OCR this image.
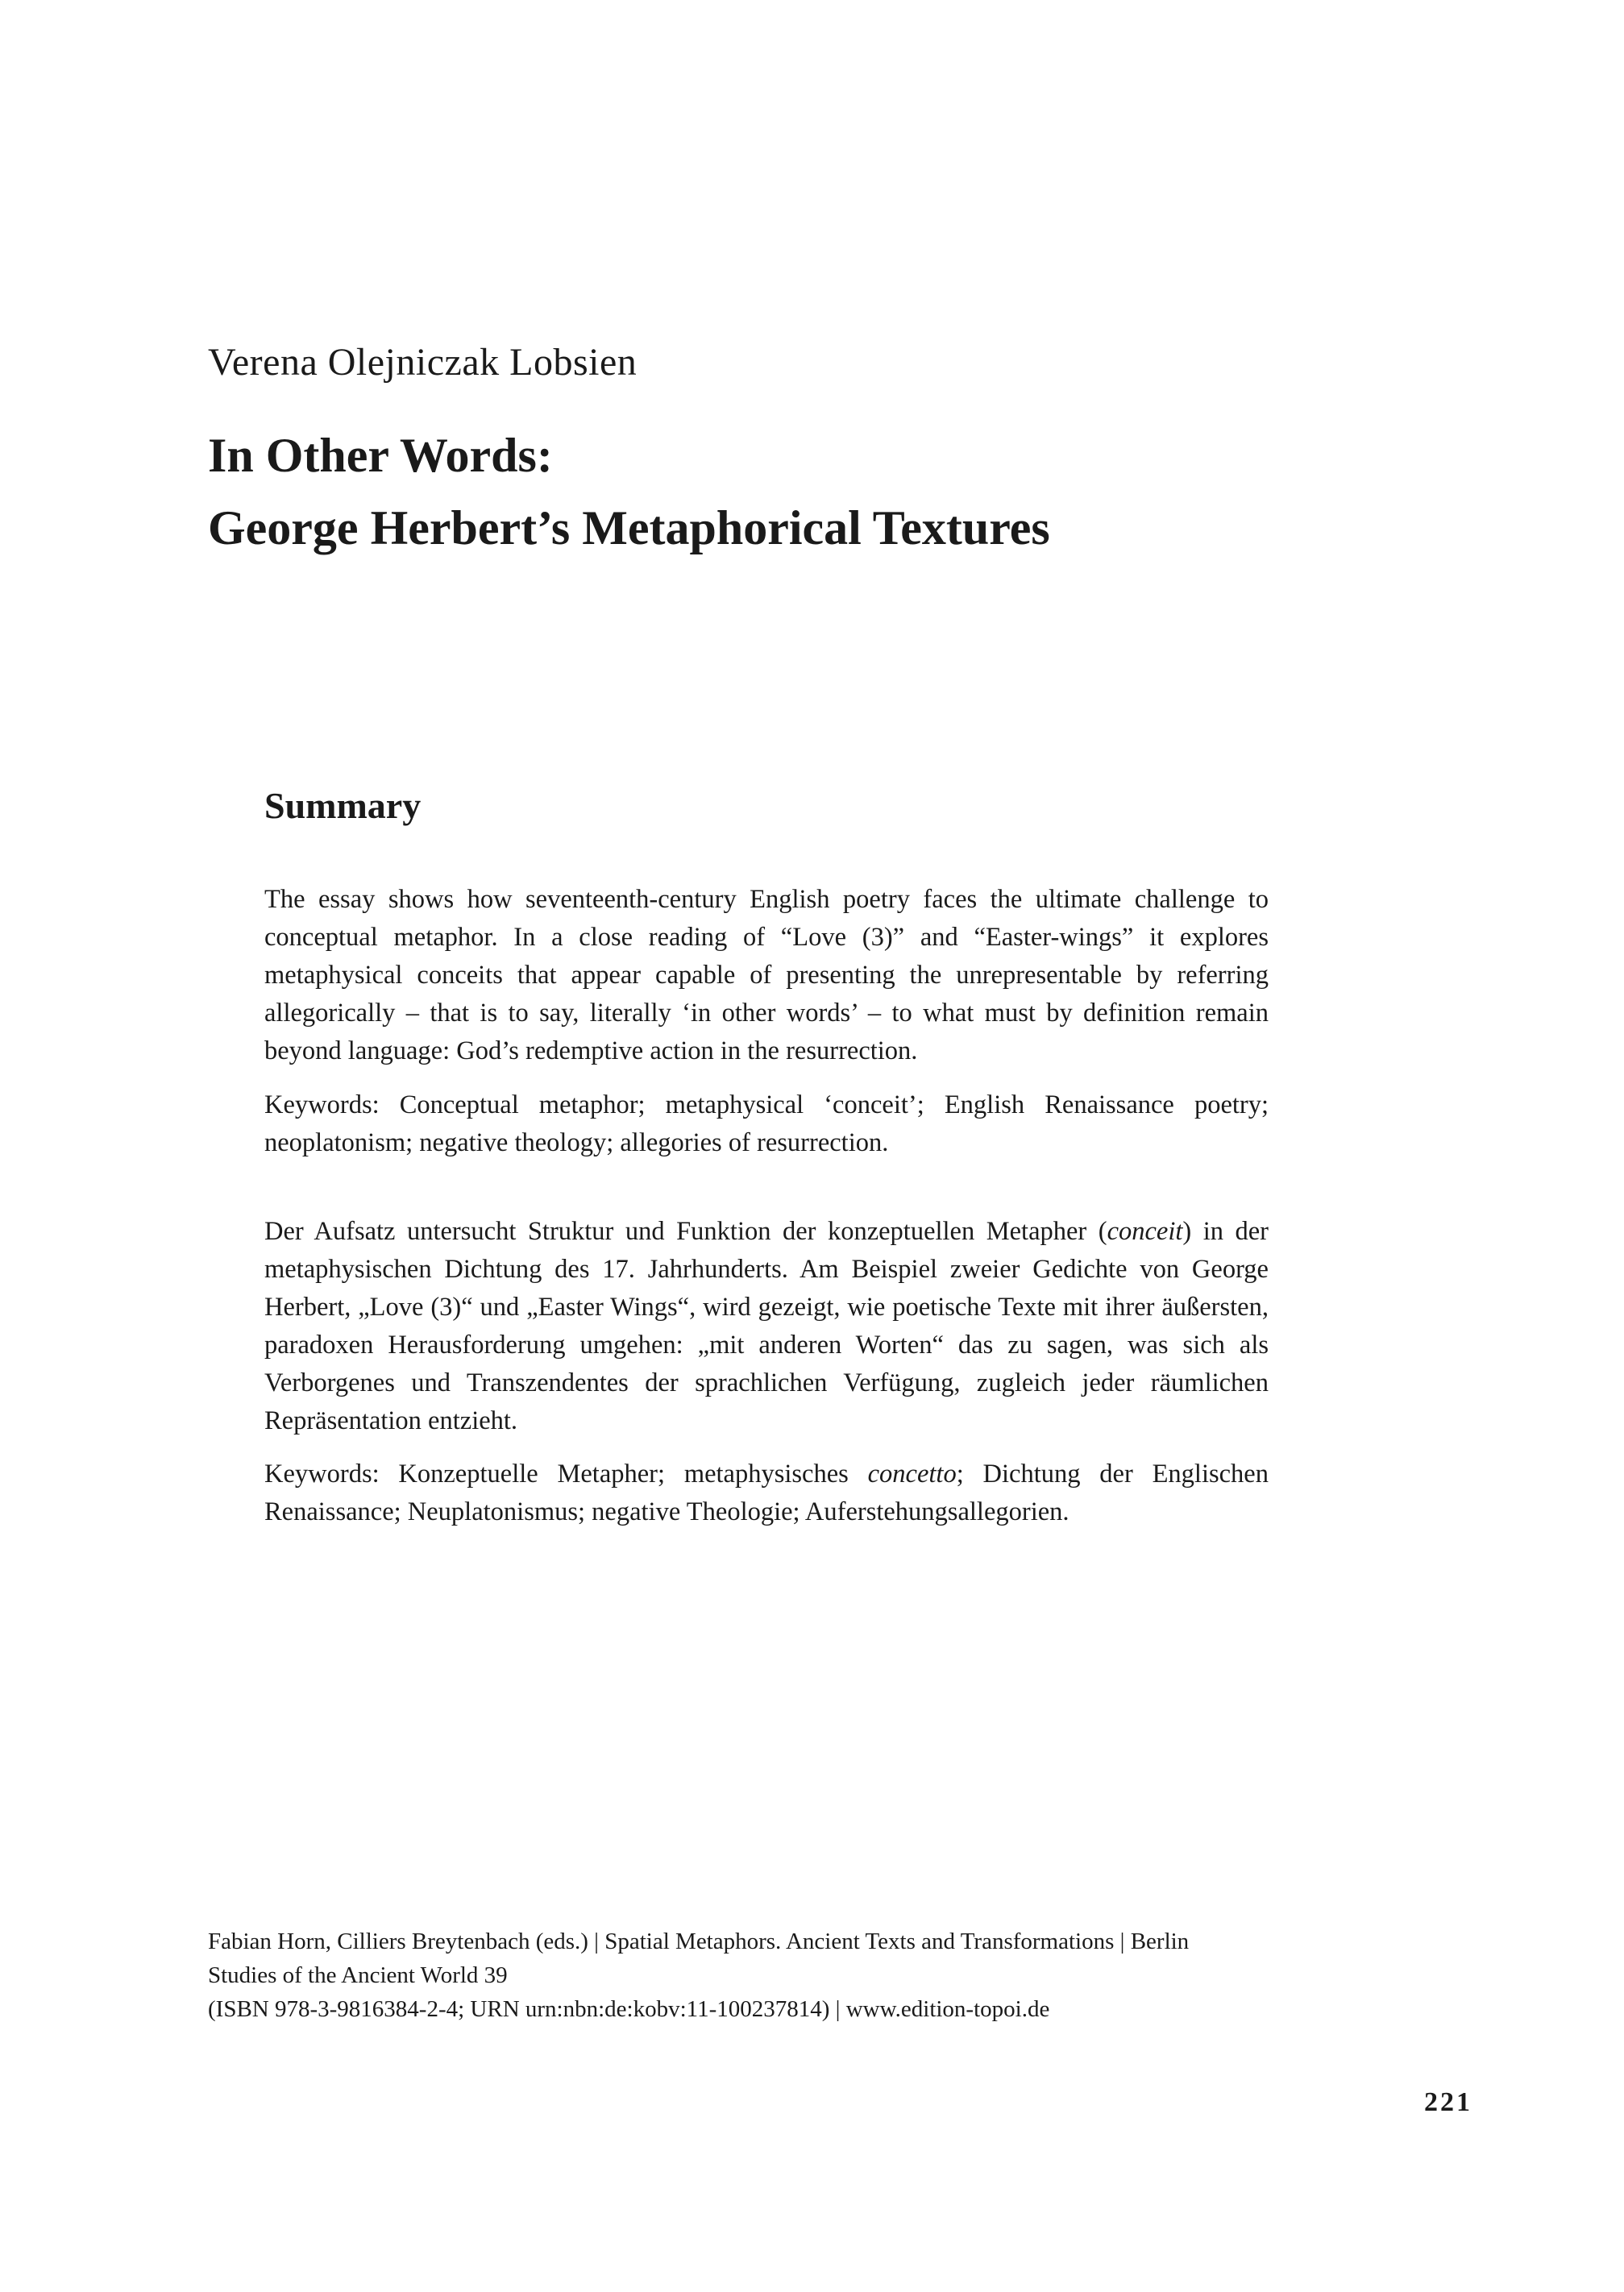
Verena Olejniczak Lobsien

In Other Words:
George Herbert’s Metaphorical Textures
Summary

The essay shows how seventeenth-century English poetry faces the ultimate challenge to conceptual metaphor. In a close reading of “Love (3)” and “Easter-wings” it explores metaphysical conceits that appear capable of presenting the unrepresentable by referring allegorically – that is to say, literally ‘in other words’ – to what must by definition remain beyond language: God’s redemptive action in the resurrection.

Keywords: Conceptual metaphor; metaphysical ‘conceit’; English Renaissance poetry; neoplatonism; negative theology; allegories of resurrection.

Der Aufsatz untersucht Struktur und Funktion der konzeptuellen Metapher (conceit) in der metaphysischen Dichtung des 17. Jahrhunderts. Am Beispiel zweier Gedichte von George Herbert, „Love (3)“ und „Easter Wings“, wird gezeigt, wie poetische Texte mit ihrer äußersten, paradoxen Herausforderung umgehen: „mit anderen Worten“ das zu sagen, was sich als Verborgenes und Transzendentes der sprachlichen Verfügung, zugleich jeder räumlichen Repräsentation entzieht.

Keywords: Konzeptuelle Metapher; metaphysisches concetto; Dichtung der Englischen Renaissance; Neuplatonismus; negative Theologie; Auferstehungsallegorien.

Fabian Horn, Cilliers Breytenbach (eds.) | Spatial Metaphors. Ancient Texts and Transformations | Berlin
Studies of the Ancient World 39
(ISBN 978-3-9816384-2-4; URN urn:nbn:de:kobv:11-100237814) | www.edition-topoi.de

221
